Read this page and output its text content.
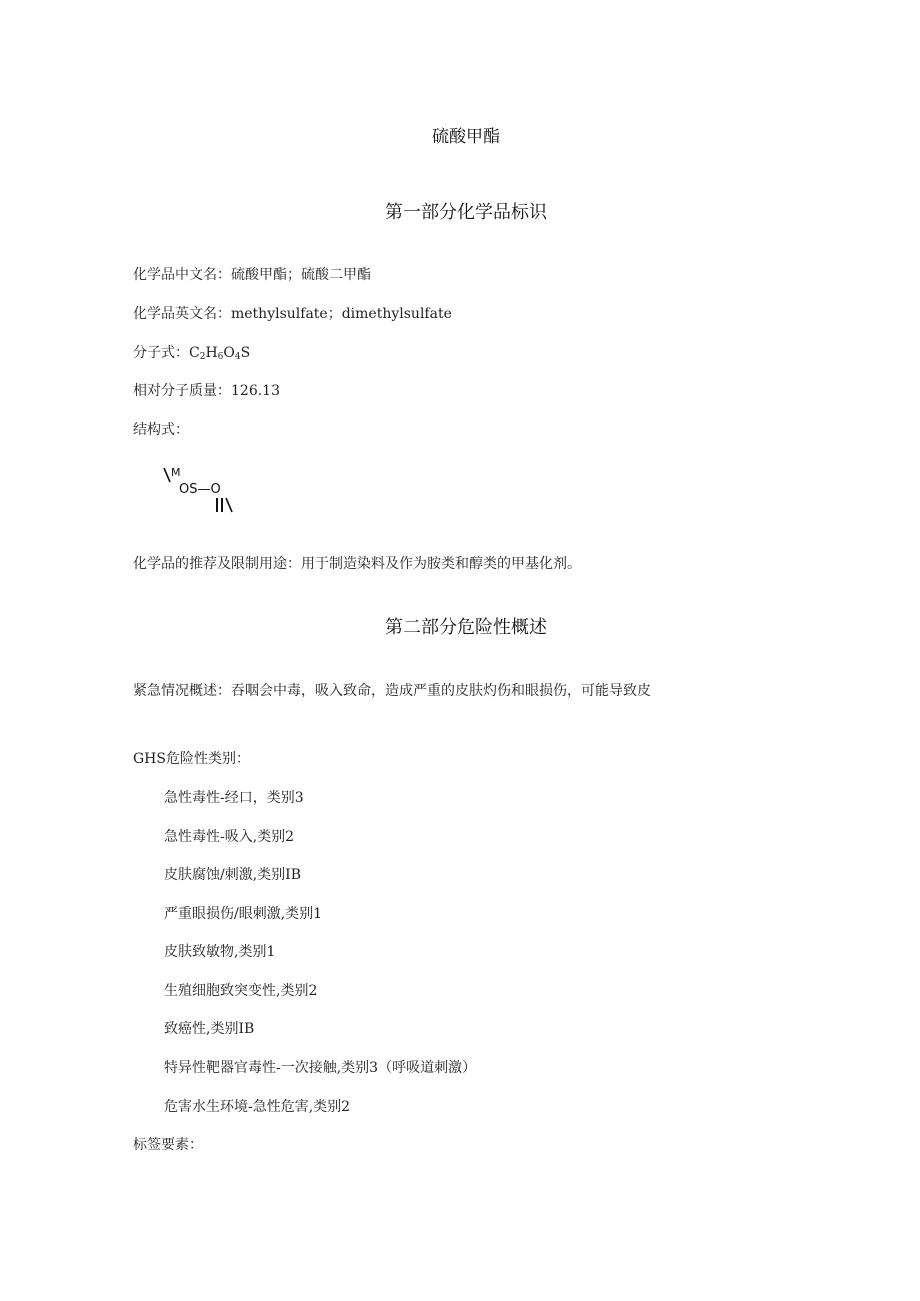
硫酸甲酯
第一部分化学品标识
化学品中文名：硫酸甲酯；硫酸二甲酯
化学品英文名：methylsulfate；dimethylsulfate
分子式：$C_2H_6O_4S$
相对分子质量：126.13
结构式：
M
OS—O
化学品的推荐及限制用途：用于制造染料及作为胺类和醇类的甲基化剂。
第二部分危险性概述
紧急情况概述：吞咽会中毒，吸入致命，造成严重的皮肤灼伤和眼损伤，可能导致皮
GHS危险性类别：
急性毒性-经口，类别3
急性毒性-吸入,类别2
皮肤腐蚀/刺激,类别IB
严重眼损伤/眼刺激,类别1
皮肤致敏物,类别1
生殖细胞致突变性,类别2
致癌性,类别IB
特异性靶器官毒性-一次接触,类别3（呼吸道刺激）
危害水生环境-急性危害,类别2
标签要素：
